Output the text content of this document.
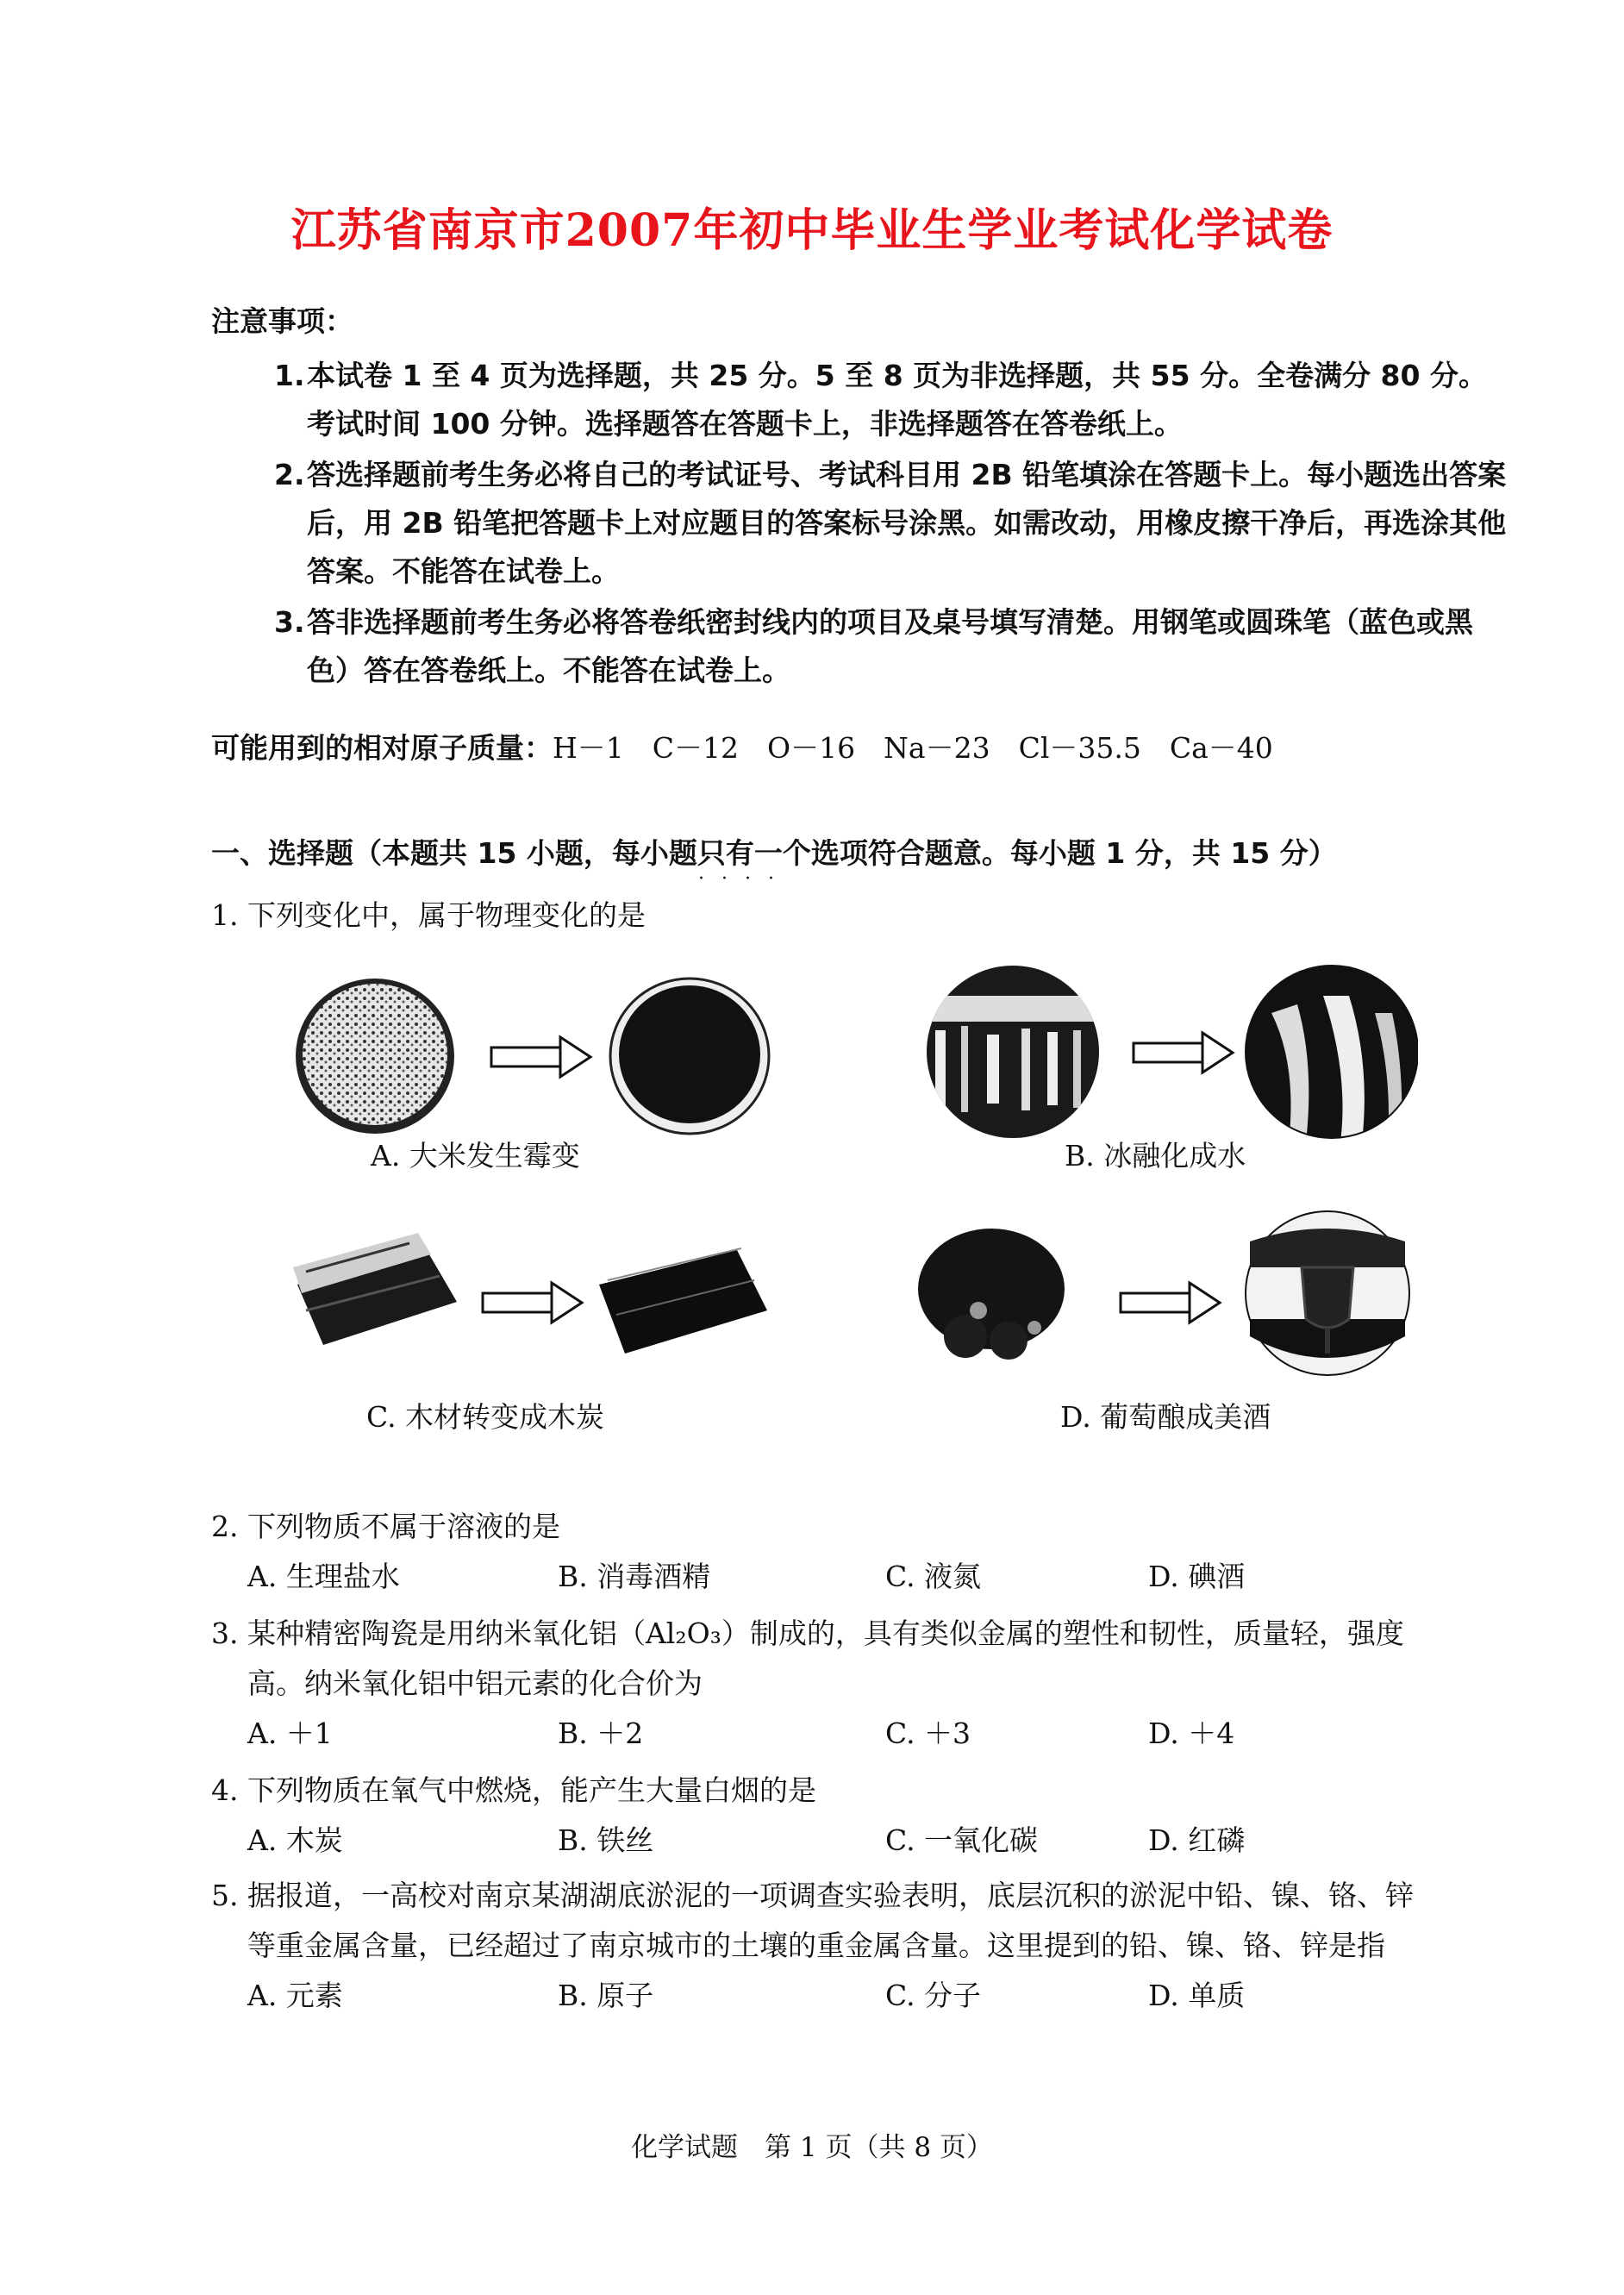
江苏省南京市2007年初中毕业生学业考试化学试卷
注意事项：
1. 本试卷 1 至 4 页为选择题，共 25 分。5 至 8 页为非选择题，共 55 分。全卷满分 80 分。考试时间 100 分钟。选择题答在答题卡上，非选择题答在答卷纸上。
2. 答选择题前考生务必将自己的考试证号、考试科目用 2B 铅笔填涂在答题卡上。每小题选出答案后，用 2B 铅笔把答题卡上对应题目的答案标号涂黑。如需改动，用橡皮擦干净后，再选涂其他答案。不能答在试卷上。
3. 答非选择题前考生务必将答卷纸密封线内的项目及桌号填写清楚。用钢笔或圆珠笔（蓝色或黑色）答在答卷纸上。不能答在试卷上。
可能用到的相对原子质量：H－1　C－12　O－16　Na－23　Cl－35.5　Ca－40
一、选择题（本题共 15 小题，每小题只有一个选项符合题意。每小题 1 分，共 15 分）
····
1. 下列变化中，属于物理变化的是
A. 大米发生霉变	B. 冰融化成水
C. 木材转变成木炭	D. 葡萄酿成美酒
2. 下列物质不属于溶液的是
A. 生理盐水	B. 消毒酒精	C. 液氮	D. 碘酒
3. 某种精密陶瓷是用纳米氧化铝（Al₂O₃）制成的，具有类似金属的塑性和韧性，质量轻，强度
高。纳米氧化铝中铝元素的化合价为
A. ＋1	B. ＋2	C. ＋3	D. ＋4
4. 下列物质在氧气中燃烧，能产生大量白烟的是
A. 木炭	B. 铁丝	C. 一氧化碳	D. 红磷
5. 据报道，一高校对南京某湖湖底淤泥的一项调查实验表明，底层沉积的淤泥中铅、镍、铬、锌
等重金属含量，已经超过了南京城市的土壤的重金属含量。这里提到的铅、镍、铬、锌是指
A. 元素	B. 原子	C. 分子	D. 单质
化学试题　第 1 页（共 8 页）
